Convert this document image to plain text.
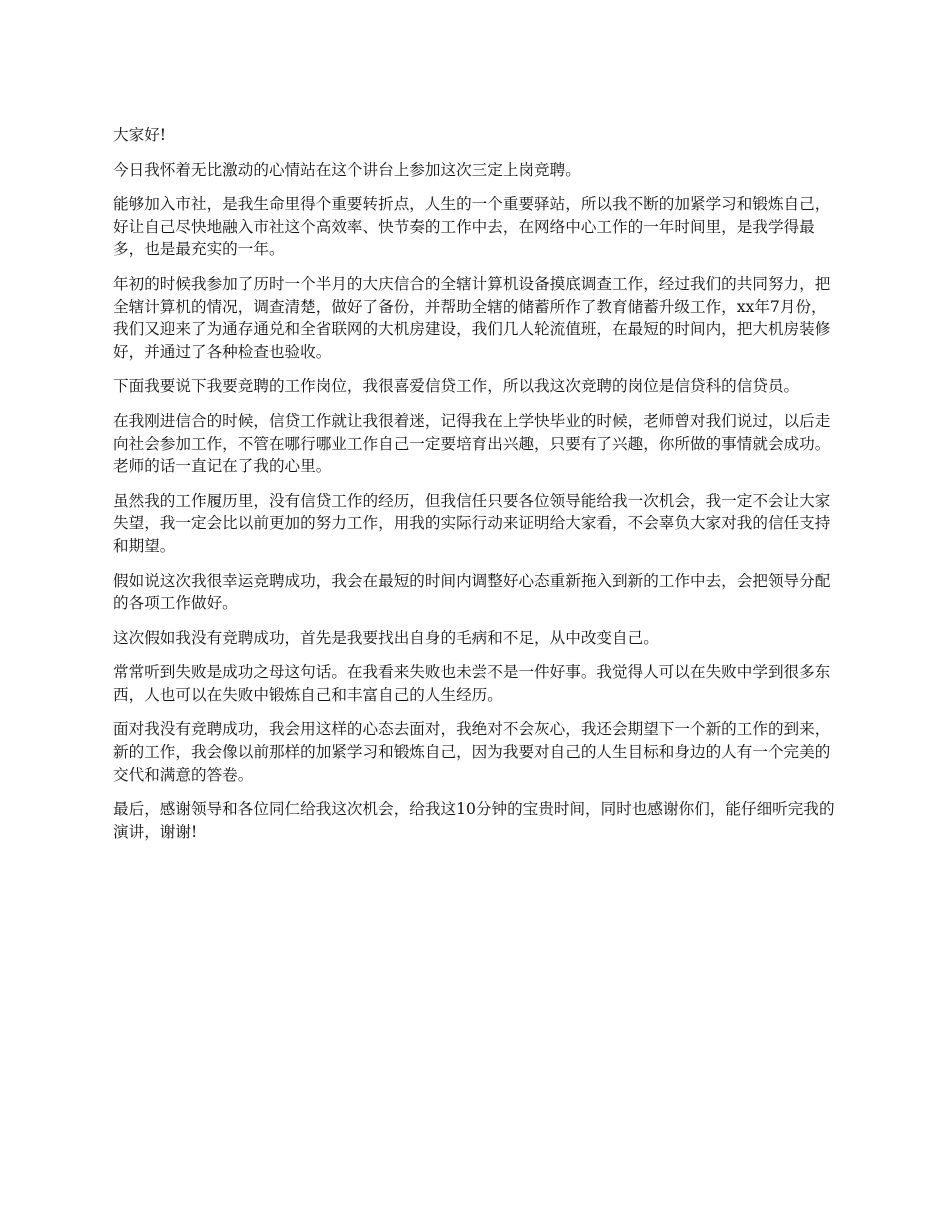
大家好!

今日我怀着无比激动的心情站在这个讲台上参加这次三定上岗竞聘。

能够加入市社，是我生命里得个重要转折点，人生的一个重要驿站，所以我不断的加紧学习和锻炼自己，好让自己尽快地融入市社这个高效率、快节奏的工作中去，在网络中心工作的一年时间里，是我学得最多，也是最充实的一年。

年初的时候我参加了历时一个半月的大庆信合的全辖计算机设备摸底调查工作，经过我们的共同努力，把全辖计算机的情况，调查清楚，做好了备份，并帮助全辖的储蓄所作了教育储蓄升级工作，xx年7月份，我们又迎来了为通存通兑和全省联网的大机房建设，我们几人轮流值班，在最短的时间内，把大机房装修好，并通过了各种检查也验收。

下面我要说下我要竞聘的工作岗位，我很喜爱信贷工作，所以我这次竞聘的岗位是信贷科的信贷员。

在我刚进信合的时候，信贷工作就让我很着迷，记得我在上学快毕业的时候，老师曾对我们说过，以后走向社会参加工作，不管在哪行哪业工作自己一定要培育出兴趣，只要有了兴趣，你所做的事情就会成功。老师的话一直记在了我的心里。

虽然我的工作履历里，没有信贷工作的经历，但我信任只要各位领导能给我一次机会，我一定不会让大家失望，我一定会比以前更加的努力工作，用我的实际行动来证明给大家看，不会辜负大家对我的信任支持和期望。

假如说这次我很幸运竞聘成功，我会在最短的时间内调整好心态重新拖入到新的工作中去，会把领导分配的各项工作做好。

这次假如我没有竞聘成功，首先是我要找出自身的毛病和不足，从中改变自己。

常常听到失败是成功之母这句话。在我看来失败也未尝不是一件好事。我觉得人可以在失败中学到很多东西，人也可以在失败中锻炼自己和丰富自己的人生经历。

面对我没有竞聘成功，我会用这样的心态去面对，我绝对不会灰心，我还会期望下一个新的工作的到来，新的工作，我会像以前那样的加紧学习和锻炼自己，因为我要对自己的人生目标和身边的人有一个完美的交代和满意的答卷。

最后，感谢领导和各位同仁给我这次机会，给我这10分钟的宝贵时间，同时也感谢你们，能仔细听完我的演讲，谢谢!
